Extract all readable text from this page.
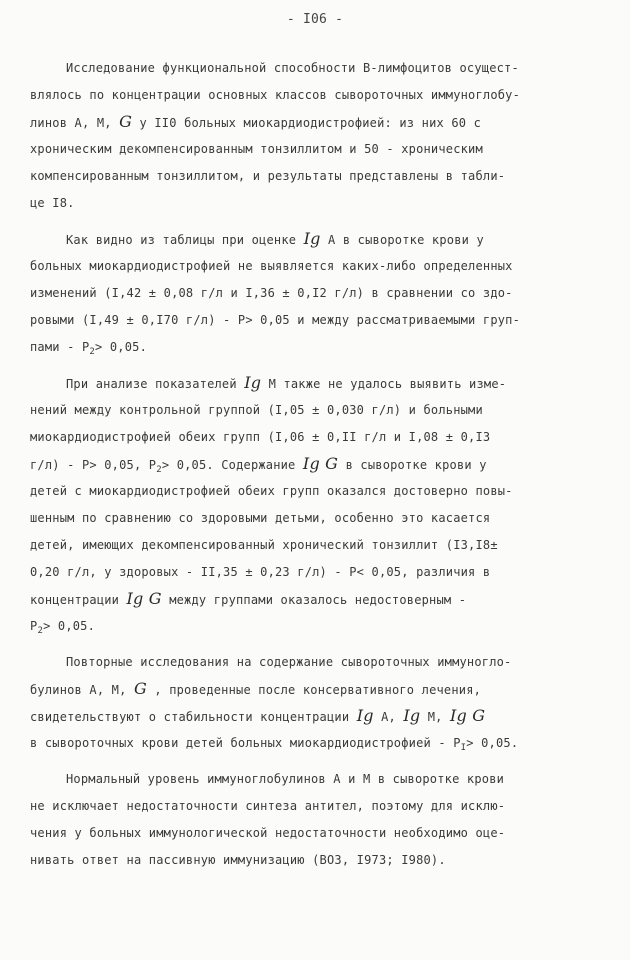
- I06 -
Исследование функциональной способности В-лимфоцитов осущест-
влялось по концентрации основных классов сывороточных иммуноглобу-
линов А, М, G у II0 больных миокардиодистрофией: из них 60 с
хроническим декомпенсированным тонзиллитом и 50 - хроническим
компенсированным тонзиллитом, и результаты представлены в табли-
це I8.
Как видно из таблицы при оценке Ig А в сыворотке крови у
больных миокардиодистрофией не выявляется каких-либо определенных
изменений (I,42 ± 0,08 г/л и I,36 ± 0,I2 г/л) в сравнении со здо-
ровыми (I,49 ± 0,I70 г/л) - Р> 0,05 и между рассматриваемыми груп-
пами - $Р_2> 0,05$.
При анализе показателей Ig М также не удалось выявить изме-
нений между контрольной группой (I,05 ± 0,030 г/л) и больными
миокардиодистрофией обеих групп (I,06 ± 0,II г/л и I,08 ± 0,I3
г/л) - Р> 0,05, $Р_2> 0,05$. Содержание Ig G в сыворотке крови у
детей с миокардиодистрофией обеих групп оказался достоверно повы-
шенным по сравнению со здоровыми детьми, особенно это касается
детей, имеющих декомпенсированный хронический тонзиллит (I3,I8±
0,20 г/л, у здоровых - II,35 ± 0,23 г/л) - Р< 0,05, различия в
концентрации Ig G между группами оказалось недостоверным -
$Р_2> 0,05$.
Повторные исследования на содержание сывороточных иммуногло-
булинов А, М, G , проведенные после консервативного лечения,
свидетельствуют о стабильности концентрации Ig А, Ig М, Ig G
в сывороточных крови детей больных миокардиодистрофией - $Р_I> 0,05$.
Нормальный уровень иммуноглобулинов А и М в сыворотке крови
не исключает недостаточности синтеза антител, поэтому для исклю-
чения у больных иммунологической недостаточности необходимо оце-
нивать ответ на пассивную иммунизацию (ВОЗ, I973; I980).
